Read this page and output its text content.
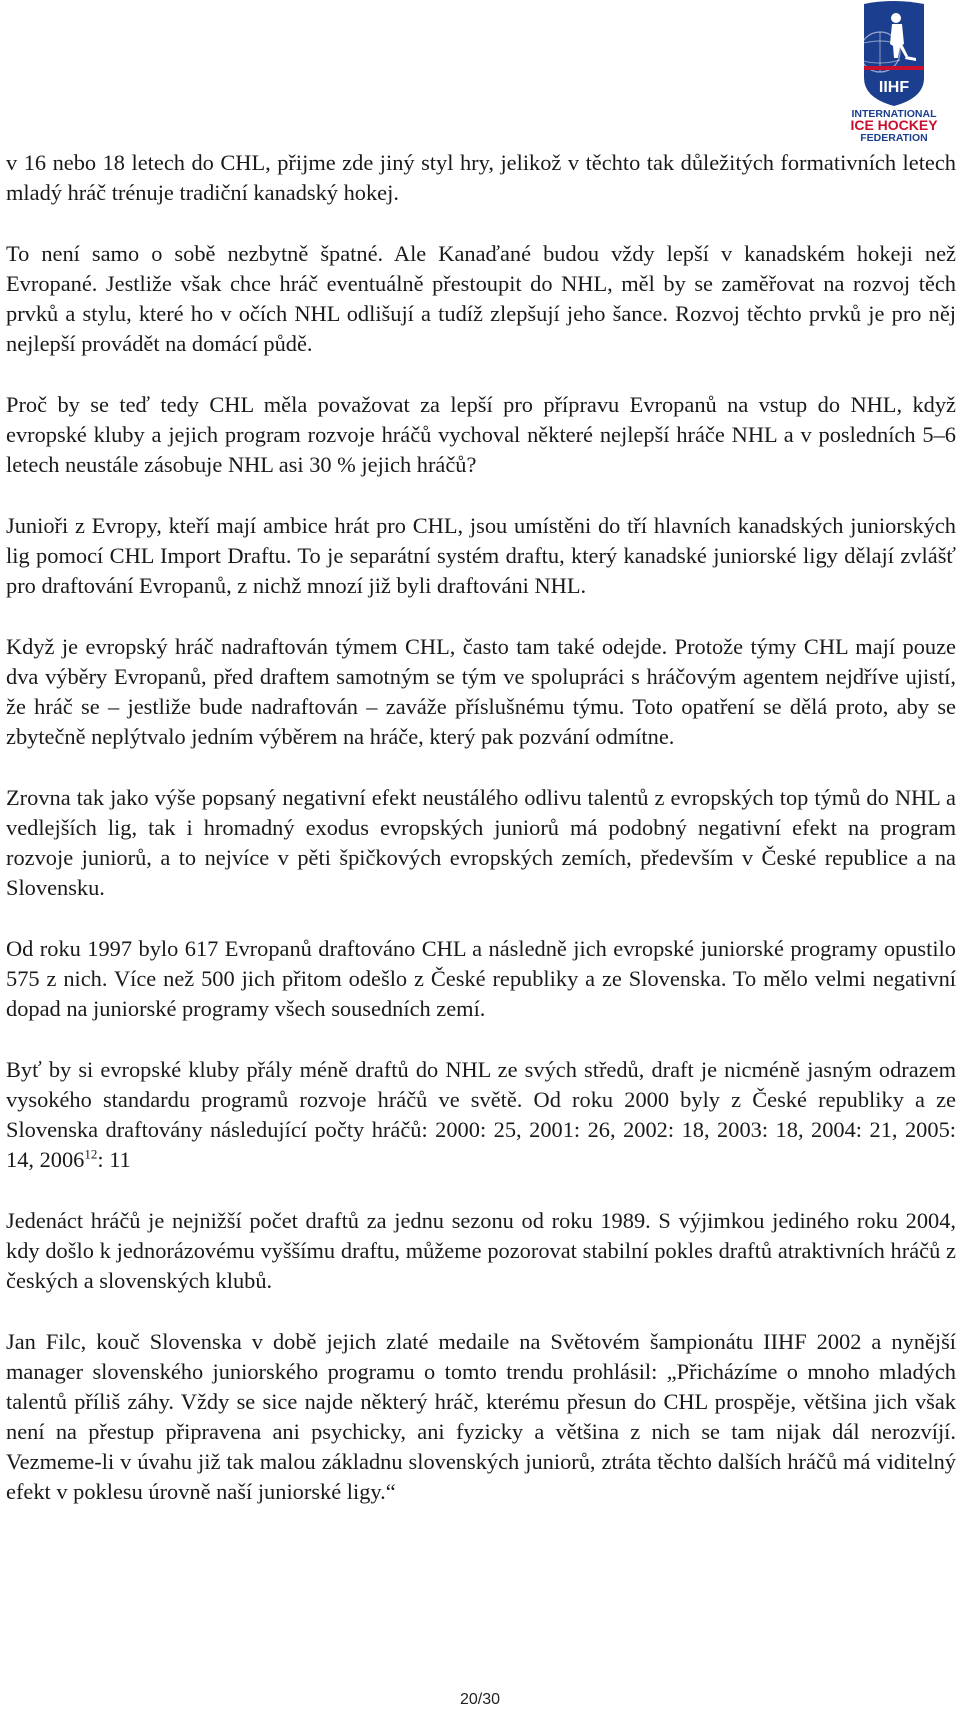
IIHF
INTERNATIONAL
ICE HOCKEY
FEDERATION

v 16 nebo 18 letech do CHL, přijme zde jiný styl hry, jelikož v těchto tak důležitých formativních letech mladý hráč trénuje tradiční kanadský hokej.

To není samo o sobě nezbytně špatné. Ale Kanaďané budou vždy lepší v kanadském hokeji než Evropané. Jestliže však chce hráč eventuálně přestoupit do NHL, měl by se zaměřovat na rozvoj těch prvků a stylu, které ho v očích NHL odlišují a tudíž zlepšují jeho šance. Rozvoj těchto prvků je pro něj nejlepší provádět na domácí půdě.

Proč by se teď tedy CHL měla považovat za lepší pro přípravu Evropanů na vstup do NHL, když evropské kluby a jejich program rozvoje hráčů vychoval některé nejlepší hráče NHL a v posledních 5–6 letech neustále zásobuje NHL asi 30 % jejich hráčů?

Junioři z Evropy, kteří mají ambice hrát pro CHL, jsou umístěni do tří hlavních kanadských juniorských lig pomocí CHL Import Draftu. To je separátní systém draftu, který kanadské juniorské ligy dělají zvlášť pro draftování Evropanů, z nichž mnozí již byli draftováni NHL.

Když je evropský hráč nadraftován týmem CHL, často tam také odejde. Protože týmy CHL mají pouze dva výběry Evropanů, před draftem samotným se tým ve spolupráci s hráčovým agentem nejdříve ujistí, že hráč se – jestliže bude nadraftován – zaváže příslušnému týmu. Toto opatření se dělá proto, aby se zbytečně neplýtvalo jedním výběrem na hráče, který pak pozvání odmítne.

Zrovna tak jako výše popsaný negativní efekt neustálého odlivu talentů z evropských top týmů do NHL a vedlejších lig, tak i hromadný exodus evropských juniorů má podobný negativní efekt na program rozvoje juniorů, a to nejvíce v pěti špičkových evropských zemích, především v České republice a na Slovensku.

Od roku 1997 bylo 617 Evropanů draftováno CHL a následně jich evropské juniorské programy opustilo 575 z nich. Více než 500 jich přitom odešlo z České republiky a ze Slovenska. To mělo velmi negativní dopad na juniorské programy všech sousedních zemí.

Byť by si evropské kluby přály méně draftů do NHL ze svých středů, draft je nicméně jasným odrazem vysokého standardu programů rozvoje hráčů ve světě. Od roku 2000 byly z České republiky a ze Slovenska draftovány následující počty hráčů: 2000: 25, 2001: 26, 2002: 18, 2003: 18, 2004: 21, 2005: 14, 2006$^{12}$: 11

Jedenáct hráčů je nejnižší počet draftů za jednu sezonu od roku 1989. S výjimkou jediného roku 2004, kdy došlo k jednorázovému vyššímu draftu, můžeme pozorovat stabilní pokles draftů atraktivních hráčů z českých a slovenských klubů.

Jan Filc, kouč Slovenska v době jejich zlaté medaile na Světovém šampionátu IIHF 2002 a nynější manager slovenského juniorského programu o tomto trendu prohlásil: „Přicházíme o mnoho mladých talentů příliš záhy. Vždy se sice najde některý hráč, kterému přesun do CHL prospěje, většina jich však není na přestup připravena ani psychicky, ani fyzicky a většina z nich se tam nijak dál nerozvíjí. Vezmeme-li v úvahu již tak malou základnu slovenských juniorů, ztráta těchto dalších hráčů má viditelný efekt v poklesu úrovně naší juniorské ligy.“

20/30
